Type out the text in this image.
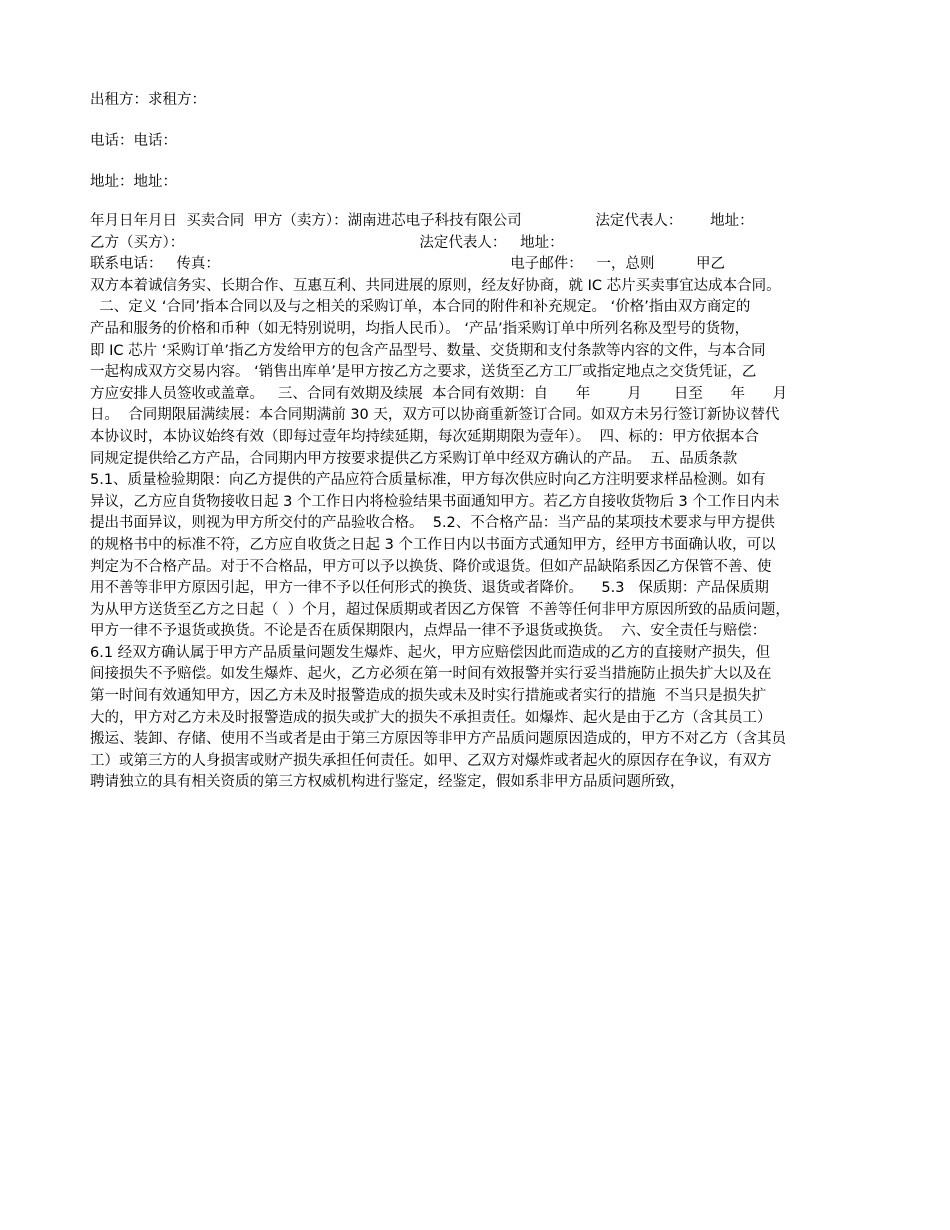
出租方：求租方：
电话：电话：
地址：地址：
年月日年月日  买卖合同  甲方（卖方）：湖南进芯电子科技有限公司                法定代表人：      地址：
乙方（买方）：                                                   法定代表人：   地址：
联系电话：   传真：                                                               电子邮件：   一，总则         甲乙
双方本着诚信务实、长期合作、互惠互利、共同进展的原则，经友好协商，就 IC 芯片买卖事宜达成本合同。
二、定义 ‘合同’指本合同以及与之相关的采购订单，本合同的附件和补充规定。 ‘价格’指由双方商定的
产品和服务的价格和币种（如无特别说明，均指人民币）。 ‘产品’指采购订单中所列名称及型号的货物，
即 IC 芯片 ‘采购订单’指乙方发给甲方的包含产品型号、数量、交货期和支付条款等内容的文件，与本合同
一起构成双方交易内容。 ‘销售出库单’是甲方按乙方之要求，送货至乙方工厂或指定地点之交货凭证，乙
方应安排人员签收或盖章。   三、合同有效期及续展  本合同有效期：自      年        月       日至      年      月
日。  合同期限届满续展：本合同期满前 30 天，双方可以协商重新签订合同。如双方未另行签订新协议替代
本协议时，本协议始终有效（即每过壹年均持续延期，每次延期期限为壹年）。  四、标的：甲方依据本合
同规定提供给乙方产品，合同期内甲方按要求提供乙方采购订单中经双方确认的产品。  五、品质条款
5.1、质量检验期限：向乙方提供的产品应符合质量标准，甲方每次供应时向乙方注明要求样品检测。如有
异议，乙方应自货物接收日起 3 个工作日内将检验结果书面通知甲方。若乙方自接收货物后 3 个工作日内未
提出书面异议，则视为甲方所交付的产品验收合格。  5.2、不合格产品：当产品的某项技术要求与甲方提供
的规格书中的标准不符，乙方应自收货之日起 3 个工作日内以书面方式通知甲方，经甲方书面确认收，可以
判定为不合格产品。对于不合格品，甲方可以予以换货、降价或退货。但如产品缺陷系因乙方保管不善、使
用不善等非甲方原因引起，甲方一律不予以任何形式的换货、退货或者降价。    5.3   保质期：产品保质期
为从甲方送货至乙方之日起（  ）个月，超过保质期或者因乙方保管  不善等任何非甲方原因所致的品质问题，
甲方一律不予退货或换货。不论是否在质保期限内，点焊品一律不予退货或换货。  六、安全责任与赔偿：
6.1 经双方确认属于甲方产品质量问题发生爆炸、起火，甲方应赔偿因此而造成的乙方的直接财产损失，但
间接损失不予赔偿。如发生爆炸、起火，乙方必须在第一时间有效报警并实行妥当措施防止损失扩大以及在
第一时间有效通知甲方，因乙方未及时报警造成的损失或未及时实行措施或者实行的措施  不当只是损失扩
大的，甲方对乙方未及时报警造成的损失或扩大的损失不承担责任。如爆炸、起火是由于乙方（含其员工）
搬运、装卸、存储、使用不当或者是由于第三方原因等非甲方产品质问题原因造成的，甲方不对乙方（含其员
工）或第三方的人身损害或财产损失承担任何责任。如甲、乙双方对爆炸或者起火的原因存在争议，有双方
聘请独立的具有相关资质的第三方权威机构进行鉴定，经鉴定，假如系非甲方品质问题所致，
